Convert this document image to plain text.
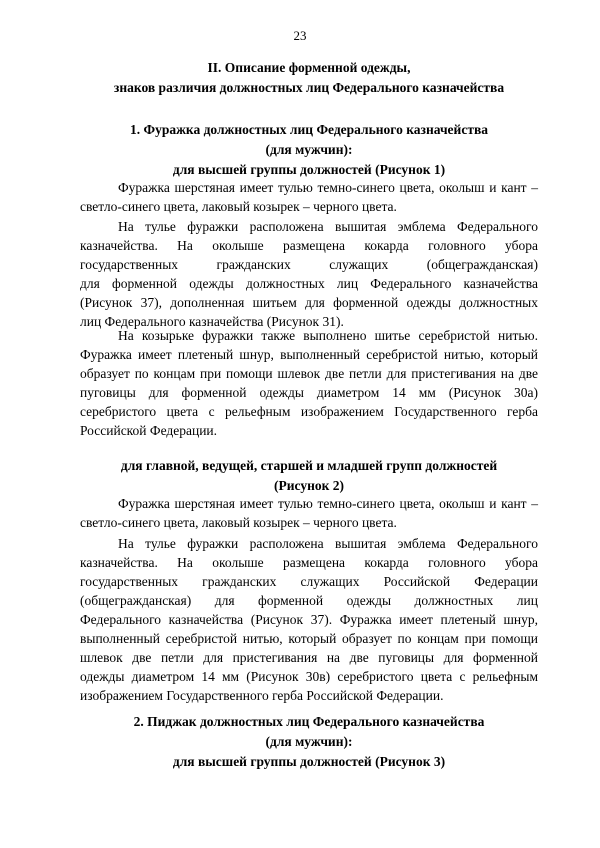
23

II. Описание форменной одежды,

знаков различия должностных лиц Федерального казначейства

1. Фуражка должностных лиц Федерального казначейства

(для мужчин):

для высшей группы должностей (Рисунок 1)

Фуражка шерстяная имеет тулью темно-синего цвета, околыш и кант –
светло-синего цвета, лаковый козырек – черного цвета.
На тулье фуражки расположена вышитая эмблема Федерального
казначейства. На околыше размещена кокарда головного убора
государственных гражданских служащих (общегражданская)
для форменной одежды должностных лиц Федерального казначейства
(Рисунок 37), дополненная шитьем для форменной одежды должностных
лиц Федерального казначейства (Рисунок 31).
На козырьке фуражки также выполнено шитье серебристой нитью.
Фуражка имеет плетеный шнур, выполненный серебристой нитью, который
образует по концам при помощи шлевок две петли для пристегивания на две
пуговицы для форменной одежды диаметром 14 мм (Рисунок 30а)
серебристого цвета с рельефным изображением Государственного герба
Российской Федерации.

для главной, ведущей, старшей и младшей групп должностей

(Рисунок 2)

Фуражка шерстяная имеет тулью темно-синего цвета, околыш и кант –
светло-синего цвета, лаковый козырек – черного цвета.
На тулье фуражки расположена вышитая эмблема Федерального
казначейства. На околыше размещена кокарда головного убора
государственных гражданских служащих Российской Федерации
(общегражданская) для форменной одежды должностных лиц
Федерального казначейства (Рисунок 37). Фуражка имеет плетеный шнур,
выполненный серебристой нитью, который образует по концам при помощи
шлевок две петли для пристегивания на две пуговицы для форменной
одежды диаметром 14 мм (Рисунок 30в) серебристого цвета с рельефным
изображением Государственного герба Российской Федерации.

2. Пиджак должностных лиц Федерального казначейства

(для мужчин):

для высшей группы должностей (Рисунок 3)
